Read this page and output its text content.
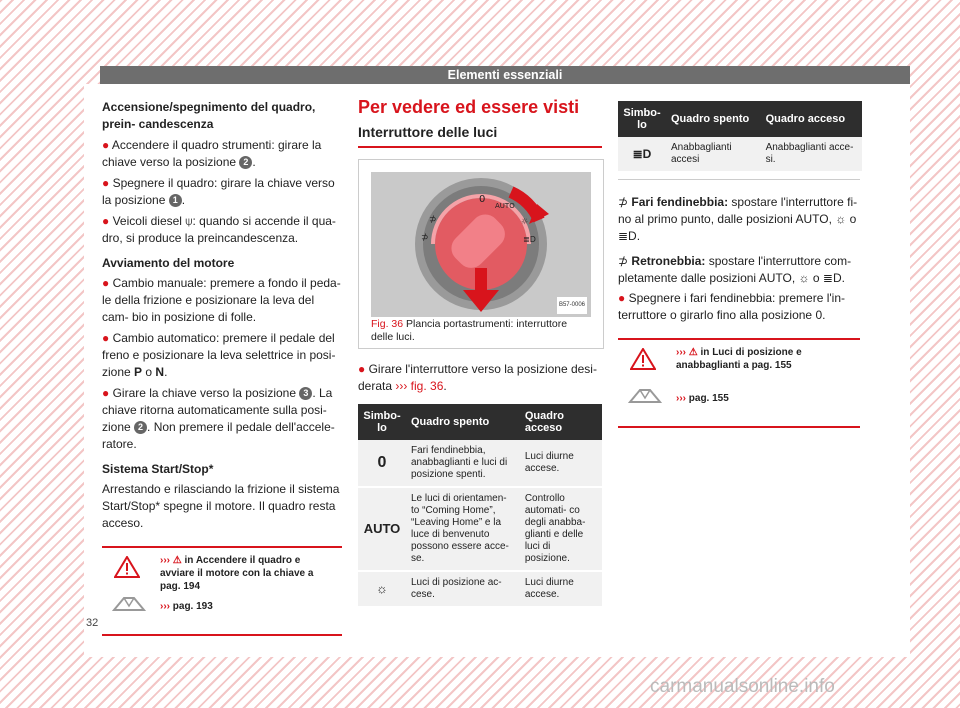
Elementi essenziali
Accensione/spegnimento del quadro, prein- candescenza
● Accendere il quadro strumenti: girare la chiave verso la posizione 2 .
● Spegnere il quadro: girare la chiave verso la posizione 1 .
● Veicoli diesel ⍦: quando si accende il qua- dro, si produce la preincandescenza.
Avviamento del motore
● Cambio manuale: premere a fondo il peda- le della frizione e posizionare la leva del cam- bio in posizione di folle.
● Cambio automatico: premere il pedale del freno e posizionare la leva selettrice in posi- zione P o N.
● Girare la chiave verso la posizione 3 . La chiave ritorna automaticamente sulla posi- zione 2 . Non premere il pedale dell'accele- ratore.
Sistema Start/Stop*
Arrestando e rilasciando la frizione il sistema Start/Stop* spegne il motore. Il quadro resta acceso.
››› ⚠ in Accendere il quadro e avviare il motore con la chiave a pag. 194
››› pag. 193
Per vedere ed essere visti
Interruttore delle luci
0
AUTO
☼
≣D
⊅
⊅
B57-0006
Fig. 36 Plancia portastrumenti: interruttore delle luci.
● Girare l'interruttore verso la posizione desi- derata ››› fig. 36.
Simbo- lo	Quadro spento	Quadro acceso
0	Fari fendinebbia, anabbaglianti e luci di posizione spenti.	Luci diurne accese.
AUTO	Le luci di orientamen- to “Coming Home”, “Leaving Home” e la luce di benvenuto possono essere acce- se.	Controllo automati- co degli anabba- glianti e delle luci di posizione.
☼	Luci di posizione ac- cese.	Luci diurne accese.
Simbo- lo	Quadro spento	Quadro acceso
≣D	Anabbaglianti accesi	Anabbaglianti acce- si.
⊅ Fari fendinebbia: spostare l'interruttore fi- no al primo punto, dalle posizioni AUTO, ☼ o ≣D.
⊅ Retronebbia: spostare l'interruttore com- pletamente dalle posizioni AUTO, ☼ o ≣D.
● Spegnere i fari fendinebbia: premere l'in- terruttore o girarlo fino alla posizione 0.
››› ⚠ in Luci di posizione e anabbaglianti a pag. 155
››› pag. 155
32
carmanualsonline.info
